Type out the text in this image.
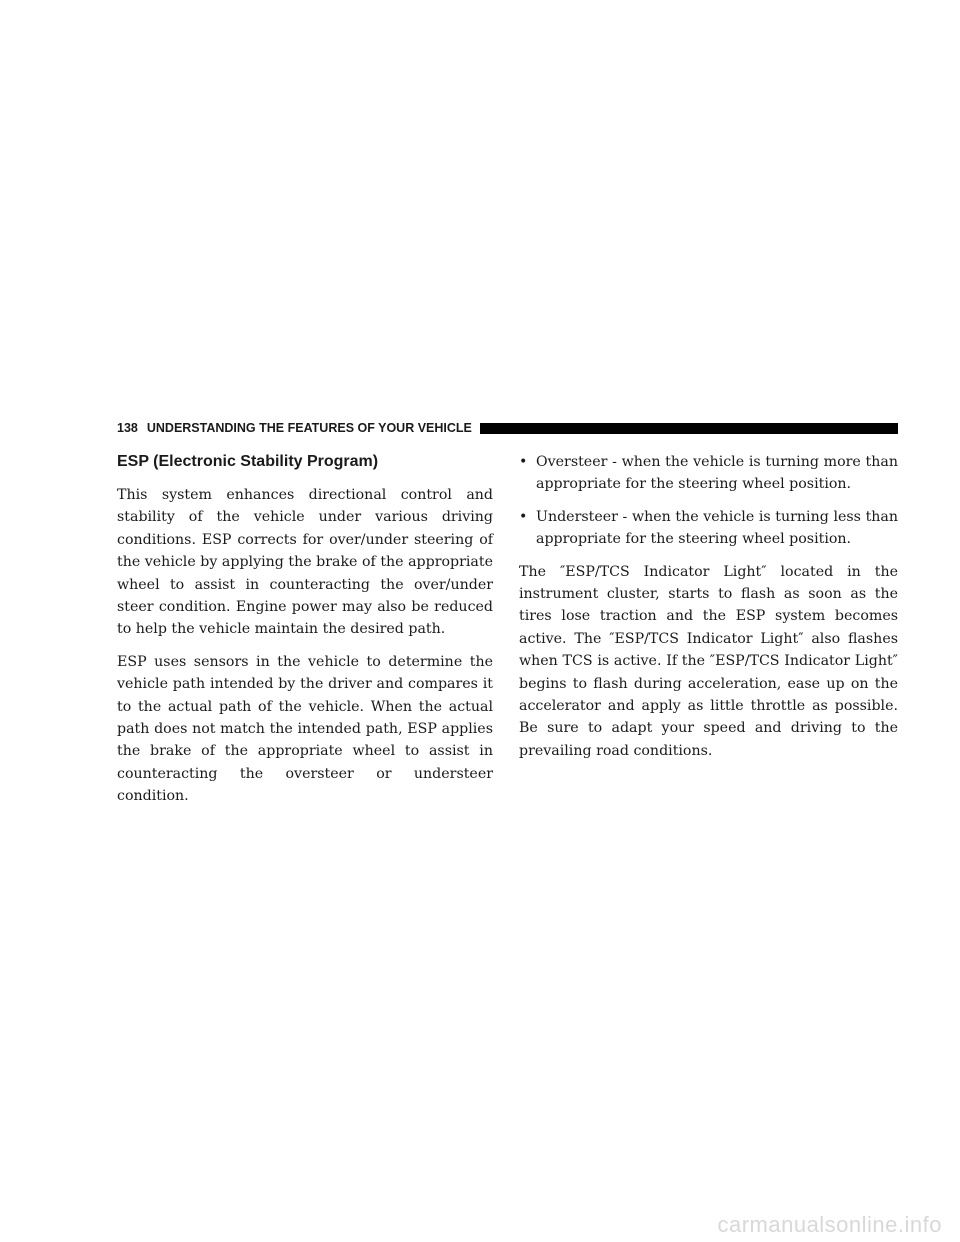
138 UNDERSTANDING THE FEATURES OF YOUR VEHICLE
ESP (Electronic Stability Program)

This system enhances directional control and stability of the vehicle under various driving conditions. ESP corrects for over/under steering of the vehicle by applying the brake of the appropriate wheel to assist in counteracting the over/under steer condition. Engine power may also be reduced to help the vehicle maintain the desired path.

ESP uses sensors in the vehicle to determine the vehicle path intended by the driver and compares it to the actual path of the vehicle. When the actual path does not match the intended path, ESP applies the brake of the appropriate wheel to assist in counteracting the oversteer or understeer condition.

• Oversteer - when the vehicle is turning more than appropriate for the steering wheel position.
• Understeer - when the vehicle is turning less than appropriate for the steering wheel position.

The ″ESP/TCS Indicator Light″ located in the instrument cluster, starts to flash as soon as the tires lose traction and the ESP system becomes active. The ″ESP/TCS Indicator Light″ also flashes when TCS is active. If the ″ESP/TCS Indicator Light″ begins to flash during acceleration, ease up on the accelerator and apply as little throttle as possible. Be sure to adapt your speed and driving to the prevailing road conditions.

carmanualsonline.info
